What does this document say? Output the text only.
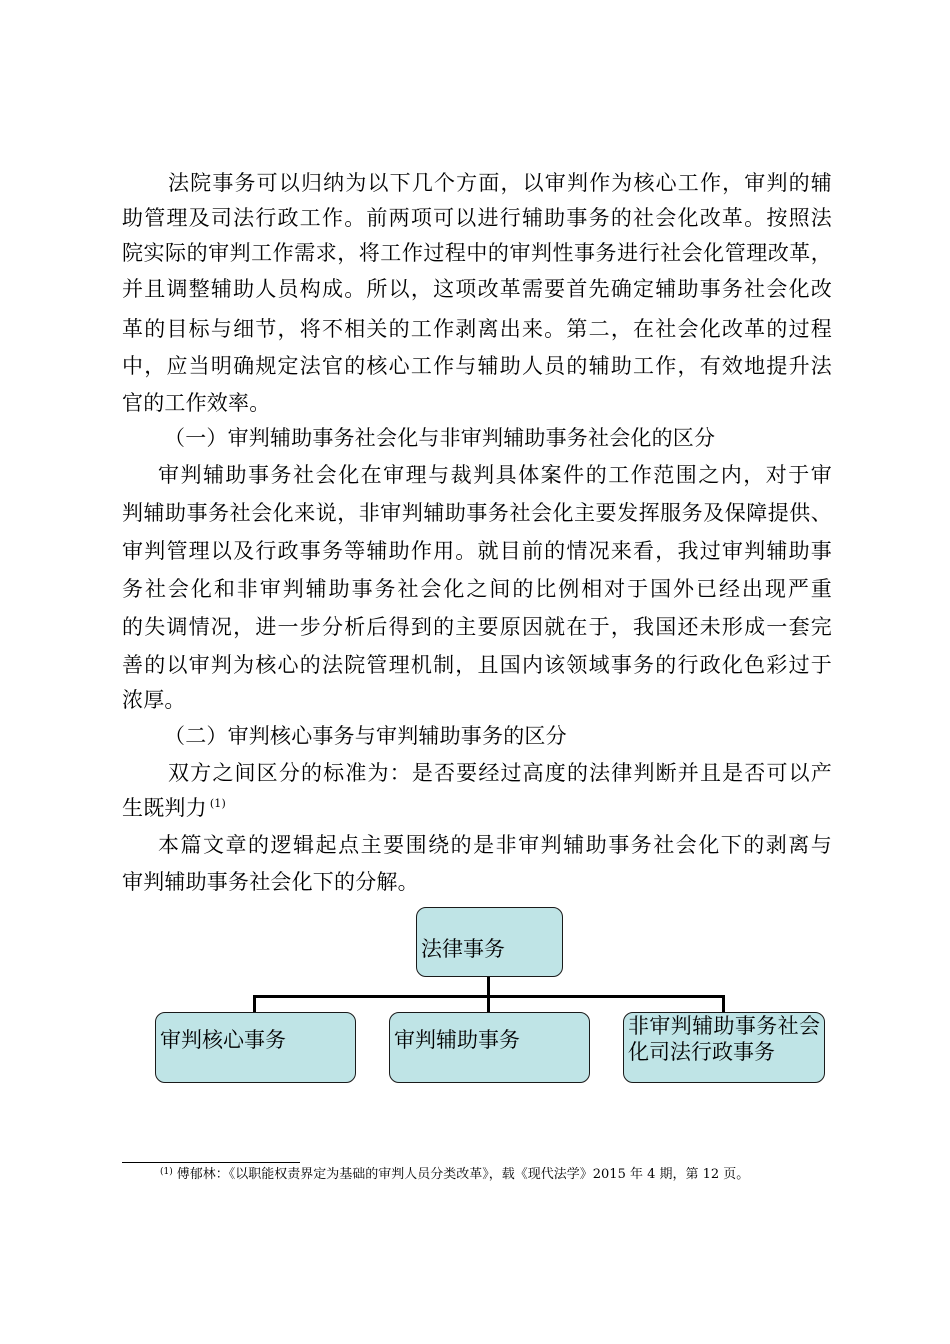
法院事务可以归纳为以下几个方面，以审判作为核心工作，审判的辅
助管理及司法行政工作。前两项可以进行辅助事务的社会化改革。按照法
院实际的审判工作需求，将工作过程中的审判性事务进行社会化管理改革，
并且调整辅助人员构成。所以，这项改革需要首先确定辅助事务社会化改
革的目标与细节，将不相关的工作剥离出来。第二，在社会化改革的过程
中，应当明确规定法官的核心工作与辅助人员的辅助工作，有效地提升法
官的工作效率。
（一）审判辅助事务社会化与非审判辅助事务社会化的区分
审判辅助事务社会化在审理与裁判具体案件的工作范围之内，对于审
判辅助事务社会化来说，非审判辅助事务社会化主要发挥服务及保障提供、
审判管理以及行政事务等辅助作用。就目前的情况来看，我过审判辅助事
务社会化和非审判辅助事务社会化之间的比例相对于国外已经出现严重
的失调情况，进一步分析后得到的主要原因就在于，我国还未形成一套完
善的以审判为核心的法院管理机制，且国内该领域事务的行政化色彩过于
浓厚。
（二）审判核心事务与审判辅助事务的区分
双方之间区分的标准为：是否要经过高度的法律判断并且是否可以产
生既判力 $^{(1)}$
本篇文章的逻辑起点主要围绕的是非审判辅助事务社会化下的剥离与
审判辅助事务社会化下的分解。
法律事务
审判核心事务	审判辅助事务
非审判辅助事务社会化司法行政事务
$^{(1)}$ 傅郁林：《以职能权责界定为基础的审判人员分类改革》，载《现代法学》2015 年 4 期，第 12 页。
